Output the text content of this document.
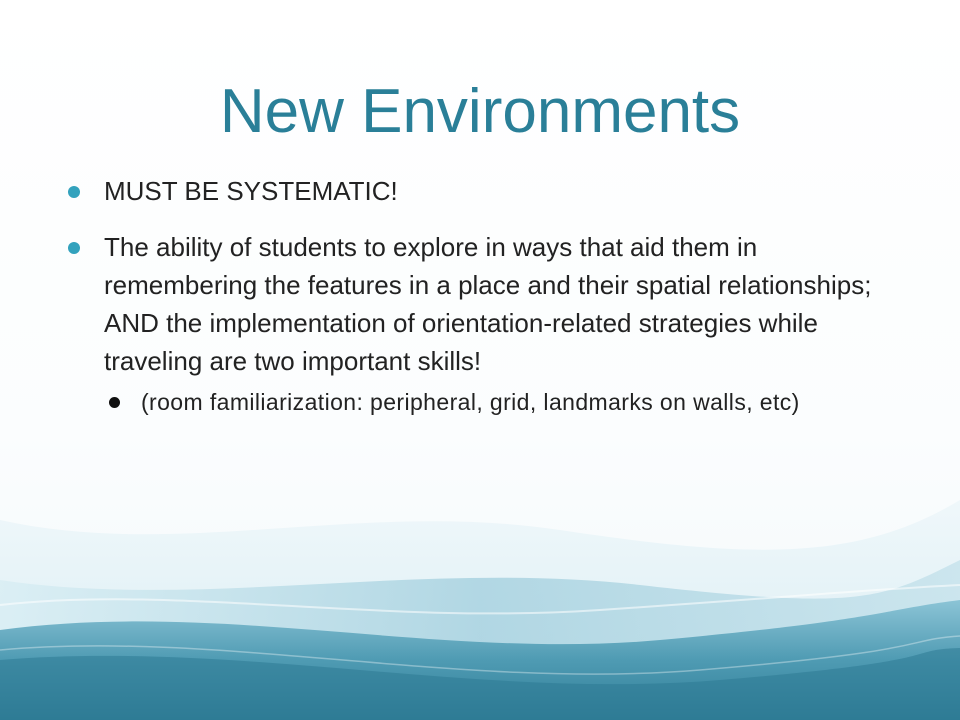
New Environments
MUST BE SYSTEMATIC!
The ability of students to explore in ways that aid them in remembering the features in a place and their spatial relationships; AND the implementation of orientation-related strategies while traveling are two important skills!
(room familiarization: peripheral, grid, landmarks on walls, etc)
